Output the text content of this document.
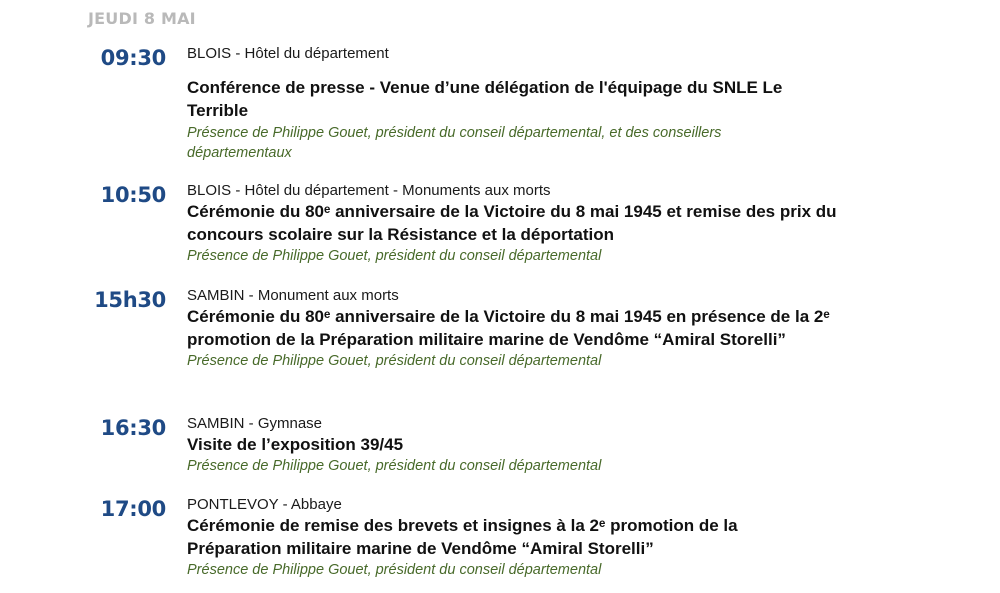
JEUDI 8 MAI
09:30 BLOIS - Hôtel du département
Conférence de presse - Venue d’une délégation de l'équipage du SNLE Le Terrible
Présence de Philippe Gouet, président du conseil départemental, et des conseillers départementaux
10:50 BLOIS - Hôtel du département - Monuments aux morts
Cérémonie du 80ᵉ anniversaire de la Victoire du 8 mai 1945 et remise des prix du concours scolaire sur la Résistance et la déportation
Présence de Philippe Gouet, président du conseil départemental
15h30 SAMBIN - Monument aux morts
Cérémonie du 80ᵉ anniversaire de la Victoire du 8 mai 1945 en présence de la 2ᵉ promotion de la Préparation militaire marine de Vendôme “Amiral Storelli”
Présence de Philippe Gouet, président du conseil départemental
16:30 SAMBIN - Gymnase
Visite de l’exposition 39/45
Présence de Philippe Gouet, président du conseil départemental
17:00 PONTLEVOY - Abbaye
Cérémonie de remise des brevets et insignes à la 2ᵉ promotion de la Préparation militaire marine de Vendôme “Amiral Storelli”
Présence de Philippe Gouet, président du conseil départemental
